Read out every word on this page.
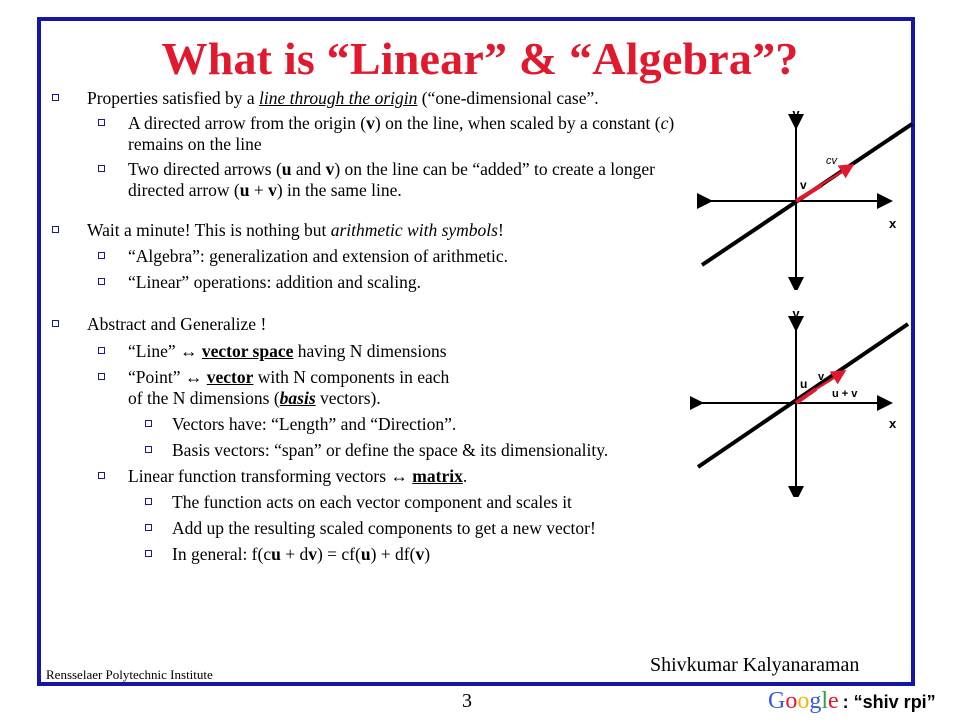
What is “Linear” & “Algebra”?
Properties satisfied by a line through the origin (“one-dimensional case”.
A directed arrow from the origin (v) on the line, when scaled by a constant (c) remains on the line
Two directed arrows (u and v) on the line can be “added” to create a longer directed arrow (u + v) in the same line.
Wait a minute! This is nothing but arithmetic with symbols!
“Algebra”: generalization and extension of arithmetic.
“Linear” operations: addition and scaling.
Abstract and Generalize !
“Line” ↔ vector space having N dimensions
“Point” ↔ vector with N components in each of the N dimensions (basis vectors).
Vectors have: “Length” and “Direction”.
Basis vectors: “span” or define the space & its dimensionality.
Linear function transforming vectors ↔ matrix.
The function acts on each vector component and scales it
Add up the resulting scaled components to get a new vector!
In general: f(cu + dv) = cf(u) + df(v)
y
x
v
cv
y
x
u v
u + v
Rensselaer Polytechnic Institute	Shivkumar Kalyanaraman
3	Google : “shiv rpi”
